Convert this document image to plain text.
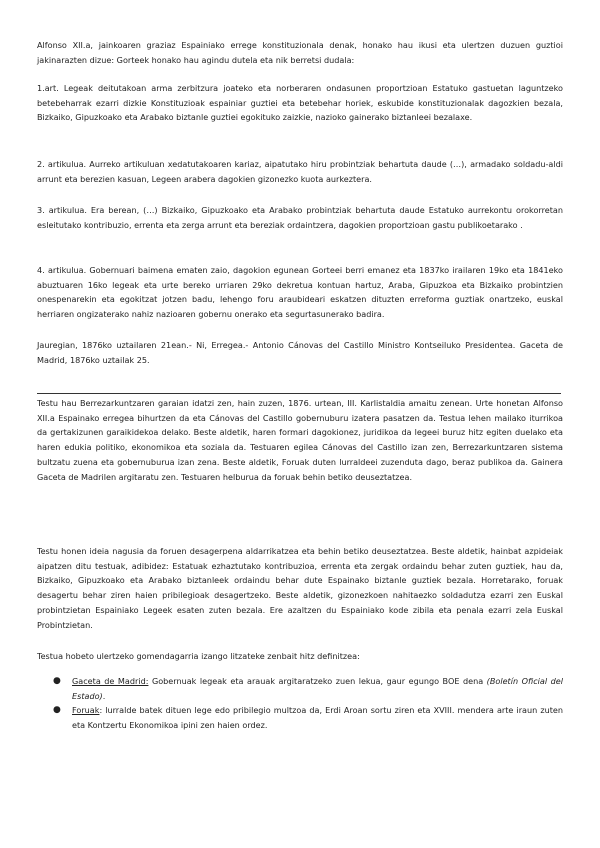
Alfonso XII.a, jainkoaren graziaz Espainiako errege konstituzionala denak, honako hau ikusi eta ulertzen duzuen guztioi jakinarazten dizue: Gorteek honako hau agindu dutela eta nik berretsi dudala:

1.art. Legeak deitutakoan arma zerbitzura joateko eta norberaren ondasunen proportzioan Estatuko gastuetan laguntzeko betebeharrak ezarri dizkie Konstituzioak espainiar guztiei eta betebehar horiek, eskubide konstituzionalak dagozkien bezala, Bizkaiko, Gipuzkoako eta Arabako biztanle guztiei egokituko zaizkie, nazioko gainerako biztanleei bezalaxe.

2. artikulua. Aurreko artikuluan xedatutakoaren kariaz, aipatutako hiru probintziak behartuta daude (…), armadako soldadu-aldi arrunt eta berezien kasuan, Legeen arabera dagokien gizonezko kuota aurkeztera.

3. artikulua. Era berean, (…) Bizkaiko, Gipuzkoako eta Arabako probintziak behartuta daude Estatuko aurrekontu orokorretan esleitutako kontribuzio, errenta eta zerga arrunt eta bereziak ordaintzera, dagokien proportzioan gastu publikoetarako .

4. artikulua. Gobernuari baimena ematen zaio, dagokion egunean Gorteei berri emanez eta 1837ko irailaren 19ko eta 1841eko abuztuaren 16ko legeak eta urte bereko urriaren 29ko dekretua kontuan hartuz, Araba, Gipuzkoa eta Bizkaiko probintzien onespenarekin eta egokitzat jotzen badu, lehengo foru araubideari eskatzen dituzten erreforma guztiak onartzeko, euskal herriaren ongizaterako nahiz nazioaren gobernu onerako eta segurtasunerako badira.

Jauregian, 1876ko uztailaren 21ean.- Ni, Erregea.- Antonio Cánovas del Castillo Ministro Kontseiluko Presidentea. Gaceta de Madrid, 1876ko uztailak 25.

Testu hau Berrezarkuntzaren garaian idatzi zen, hain zuzen, 1876. urtean, III. Karlistaldia amaitu zenean. Urte honetan Alfonso XII.a Espainako erregea bihurtzen da eta Cánovas del Castillo gobernuburu izatera pasatzen da. Testua lehen mailako iturrikoa da gertakizunen garaikidekoa delako. Beste aldetik, haren formari dagokionez, juridikoa da legeei buruz hitz egiten duelako eta haren edukia politiko, ekonomikoa eta soziala da. Testuaren egilea Cánovas del Castillo izan zen, Berrezarkuntzaren sistema bultzatu zuena eta gobernuburua izan zena. Beste aldetik, Foruak duten lurraldeei zuzenduta dago, beraz publikoa da. Gainera Gaceta de Madrilen argitaratu zen. Testuaren helburua da foruak behin betiko deuseztatzea.

Testu honen ideia nagusia da foruen desagerpena aldarrikatzea eta behin betiko deuseztatzea. Beste aldetik, hainbat azpideiak aipatzen ditu testuak, adibidez: Estatuak ezhaztutako kontribuzioa, errenta eta zergak ordaindu behar zuten guztiek, hau da, Bizkaiko, Gipuzkoako eta Arabako biztanleek ordaindu behar dute Espainako biztanle guztiek bezala. Horretarako, foruak desagertu behar ziren haien pribilegioak desagertzeko. Beste aldetik, gizonezkoen nahitaezko soldadutza ezarri zen Euskal probintzietan Espainiako Legeek esaten zuten bezala. Ere azaltzen du Espainiako kode zibila eta penala ezarri zela Euskal Probintzietan.

Testua hobeto ulertzeko gomendagarria izango litzateke zenbait hitz definitzea:

● Gaceta de Madrid: Gobernuak legeak eta arauak argitaratzeko zuen lekua, gaur egungo BOE dena (Boletín Oficial del Estado).
● Foruak: lurralde batek dituen lege edo pribilegio multzoa da, Erdi Aroan sortu ziren eta XVIII. mendera arte iraun zuten eta Kontzertu Ekonomikoa ipini zen haien ordez.
